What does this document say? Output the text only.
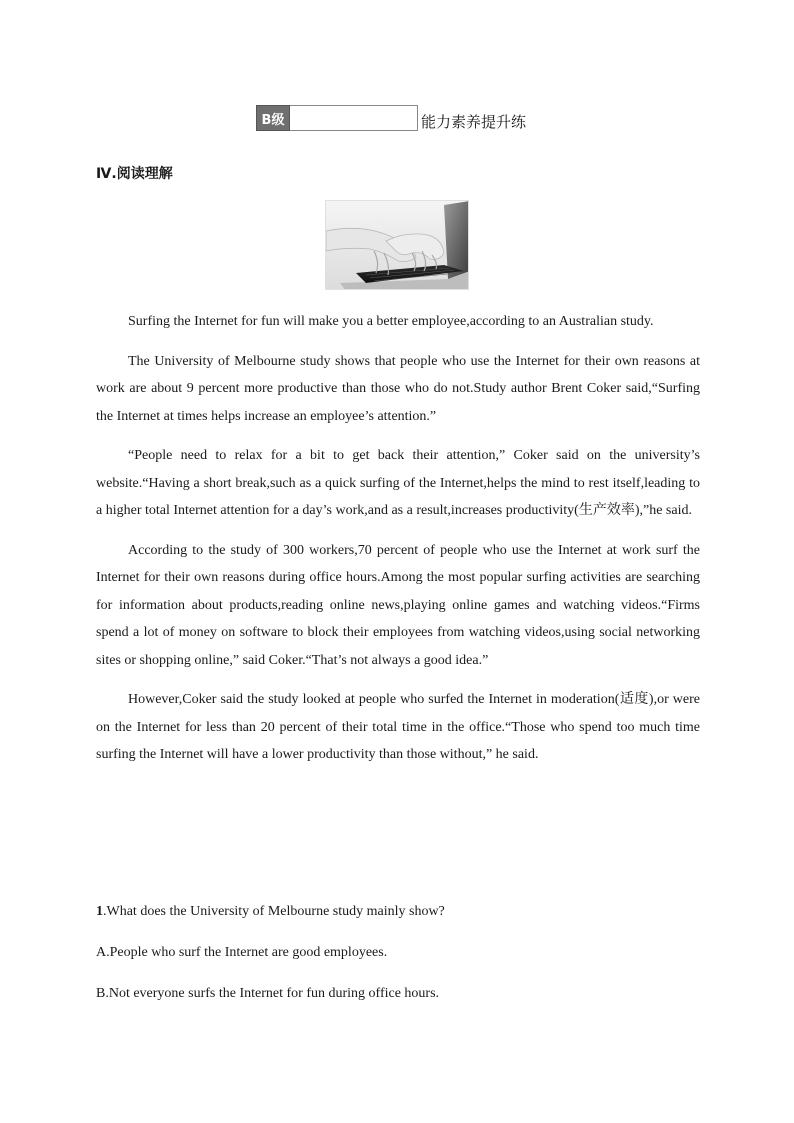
B级	能力素养提升练
Ⅳ.阅读理解

Surfing the Internet for fun will make you a better employee,according to an Australian study.

The University of Melbourne study shows that people who use the Internet for their own reasons at work are about 9 percent more productive than those who do not.Study author Brent Coker said,“Surfing the Internet at times helps increase an employee’s attention.”

“People need to relax for a bit to get back their attention,” Coker said on the university’s website.“Having a short break,such as a quick surfing of the Internet,helps the mind to rest itself,leading to a higher total Internet attention for a day’s work,and as a result,increases productivity(生产效率),”he said.

According to the study of 300 workers,70 percent of people who use the Internet at work surf the Internet for their own reasons during office hours.Among the most popular surfing activities are searching for information about products,reading online news,playing online games and watching videos.“Firms spend a lot of money on software to block their employees from watching videos,using social networking sites or shopping online,” said Coker.“That’s not always a good idea.”

However,Coker said the study looked at people who surfed the Internet in moderation(适度),or were on the Internet for less than 20 percent of their total time in the office.“Those who spend too much time surfing the Internet will have a lower productivity than those without,” he said.

1.What does the University of Melbourne study mainly show?
A.People who surf the Internet are good employees.
B.Not everyone surfs the Internet for fun during office hours.
